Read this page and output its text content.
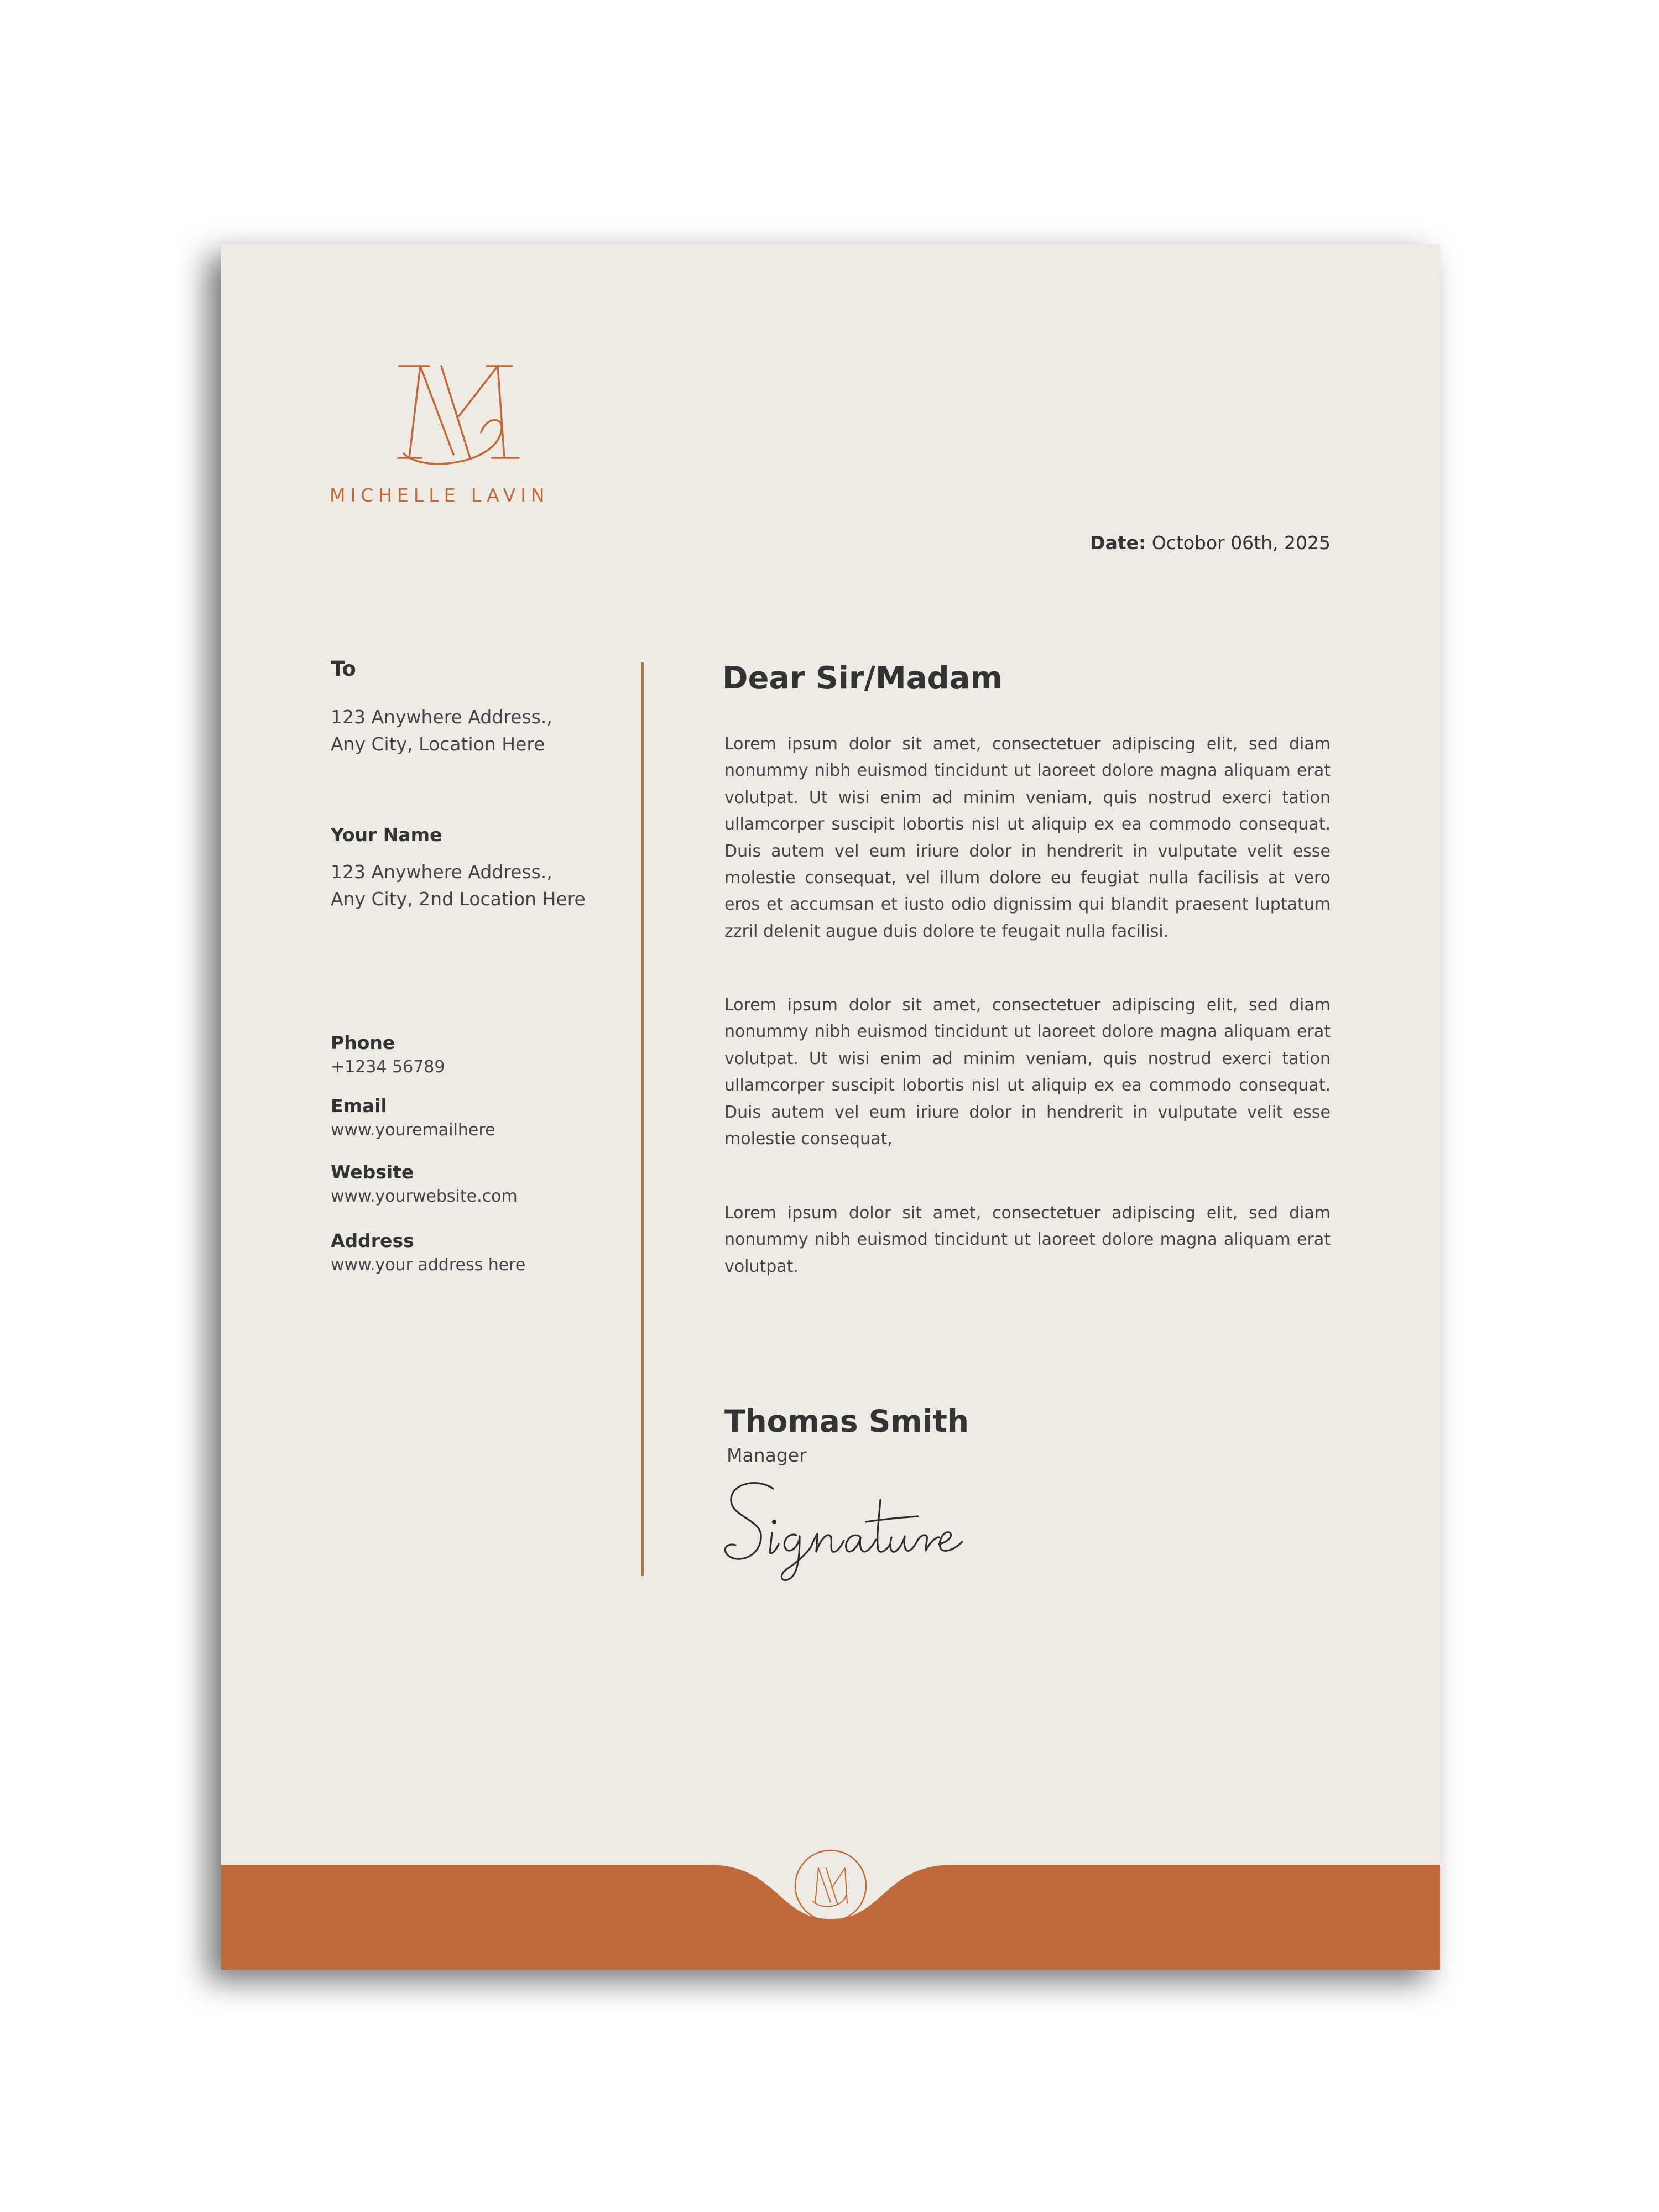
MICHELLE LAVIN
Date: Octobor 06th, 2025
To
123 Anywhere Address.,
Any City, Location Here
Your Name
123 Anywhere Address.,
Any City, 2nd Location Here
Phone
+1234 56789
Email
www.youremailhere
Website
www.yourwebsite.com
Address
www.your address here
Dear Sir/Madam

Lorem ipsum dolor sit amet, consectetuer adipiscing elit, sed diam nonummy nibh euismod tincidunt ut laoreet dolore magna aliquam erat volutpat. Ut wisi enim ad minim veniam, quis nostrud exerci tation ullamcorper suscipit lobortis nisl ut aliquip ex ea commodo consequat. Duis autem vel eum iriure dolor in hendrerit in vulputate velit esse molestie consequat, vel illum dolore eu feugiat nulla facilisis at vero eros et accumsan et iusto odio dignissim qui blandit praesent luptatum zzril delenit augue duis dolore te feugait nulla facilisi.

Lorem ipsum dolor sit amet, consectetuer adipiscing elit, sed diam nonummy nibh euismod tincidunt ut laoreet dolore magna aliquam erat volutpat. Ut wisi enim ad minim veniam, quis nostrud exerci tation ullamcorper suscipit lobortis nisl ut aliquip ex ea commodo consequat. Duis autem vel eum iriure dolor in hendrerit in vulputate velit esse molestie consequat,

Lorem ipsum dolor sit amet, consectetuer adipiscing elit, sed diam nonummy nibh euismod tincidunt ut laoreet dolore magna aliquam erat volutpat.

Thomas Smith
Manager
